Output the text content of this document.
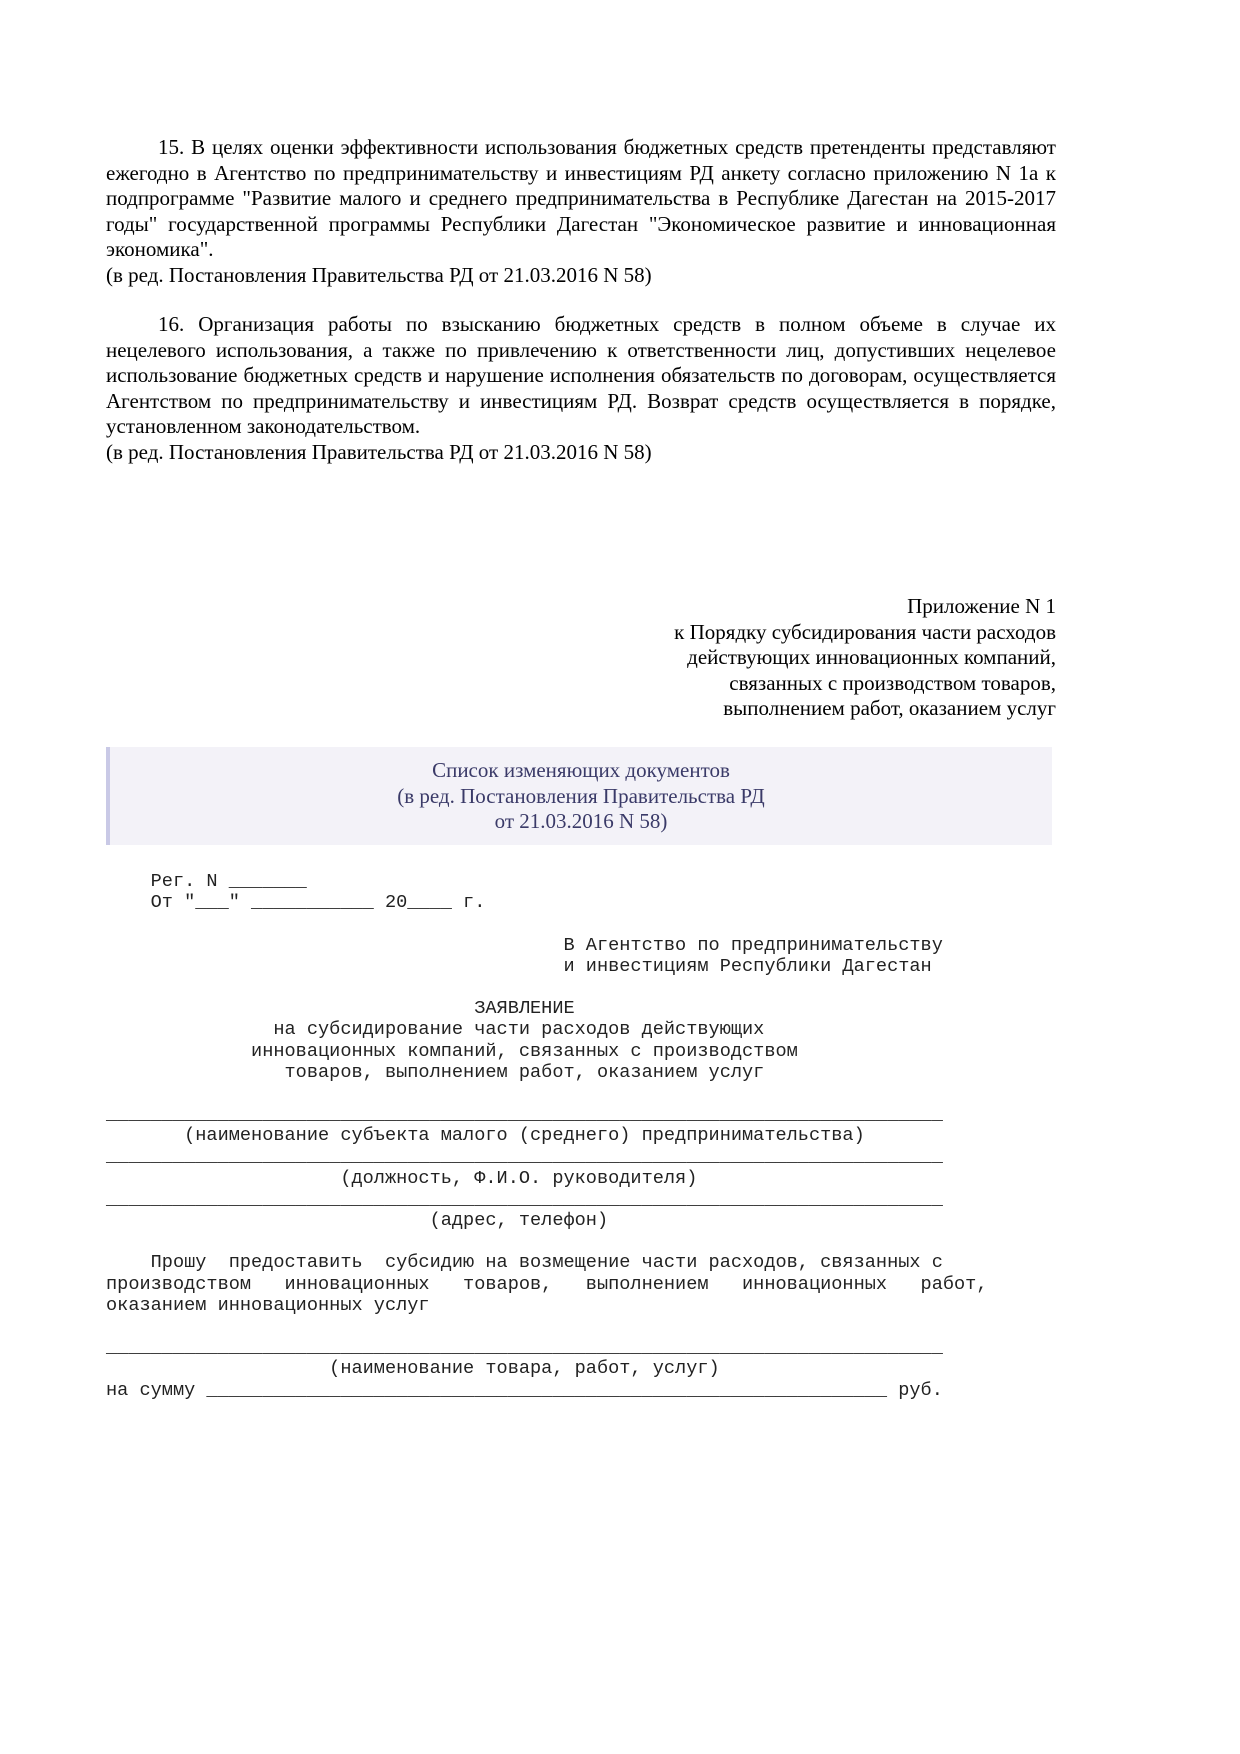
15. В целях оценки эффективности использования бюджетных средств претенденты представляют ежегодно в Агентство по предпринимательству и инвестициям РД анкету согласно приложению N 1а к подпрограмме "Развитие малого и среднего предпринимательства в Республике Дагестан на 2015-2017 годы" государственной программы Республики Дагестан "Экономическое развитие и инновационная экономика".

(в ред. Постановления Правительства РД от 21.03.2016 N 58)

16. Организация работы по взысканию бюджетных средств в полном объеме в случае их нецелевого использования, а также по привлечению к ответственности лиц, допустивших нецелевое использование бюджетных средств и нарушение исполнения обязательств по договорам, осуществляется Агентством по предпринимательству и инвестициям РД. Возврат средств осуществляется в порядке, установленном законодательством.

(в ред. Постановления Правительства РД от 21.03.2016 N 58)

Приложение N 1
к Порядку субсидирования части расходов
действующих инновационных компаний,
связанных с производством товаров,
выполнением работ, оказанием услуг
Список изменяющих документов
(в ред. Постановления Правительства РД
от 21.03.2016 N 58)
Рег. N _______
От "___" ___________ 20____ г.
В Агентство по предпринимательству
и инвестициям Республики Дагестан
ЗАЯВЛЕНИЕ
на субсидирование части расходов действующих
инновационных компаний, связанных с производством
товаров, выполнением работ, оказанием услуг
___________________________________________________________________________
(наименование субъекта малого (среднего) предпринимательства)
___________________________________________________________________________
(должность, Ф.И.О. руководителя)
___________________________________________________________________________
(адрес, телефон)
Прошу  предоставить  субсидию на возмещение части расходов, связанных с
производством   инновационных   товаров,   выполнением   инновационных   работ,
оказанием инновационных услуг
___________________________________________________________________________
(наименование товара, работ, услуг)
на сумму _____________________________________________________________ руб.
